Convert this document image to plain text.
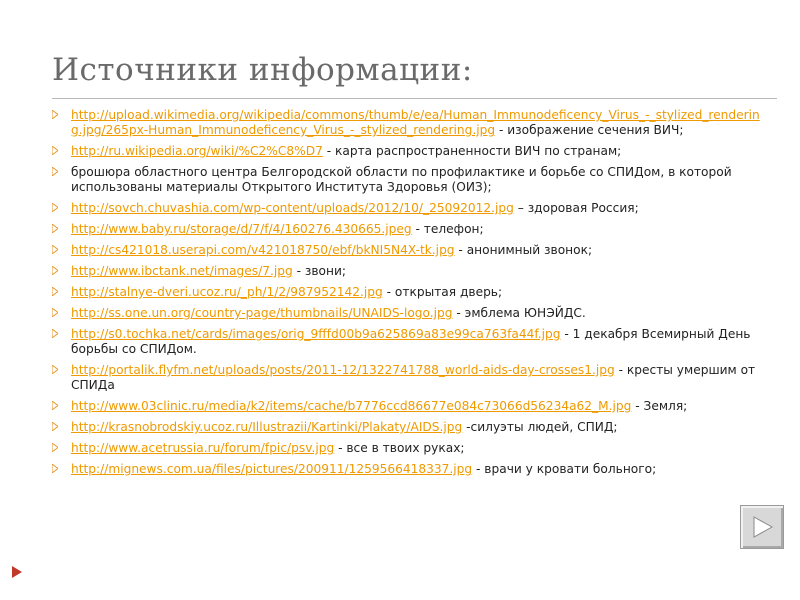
Источники информации:
http://upload.wikimedia.org/wikipedia/commons/thumb/e/ea/Human_Immunodeficency_Virus_-_stylized_rendering.jpg/265px-Human_Immunodeficency_Virus_-_stylized_rendering.jpg - изображение сечения ВИЧ;
http://ru.wikipedia.org/wiki/%C2%C8%D7 - карта распространенности ВИЧ по странам;
брошюра областного центра Белгородской области по профилактике и борьбе со СПИДом, в которой использованы материалы Открытого Института Здоровья (ОИЗ);
http://sovch.chuvashia.com/wp-content/uploads/2012/10/_25092012.jpg – здоровая Россия;
http://www.baby.ru/storage/d/7/f/4/160276.430665.jpeg - телефон;
http://cs421018.userapi.com/v421018750/ebf/bkNI5N4X-tk.jpg - анонимный звонок;
http://www.ibctank.net/images/7.jpg - звони;
http://stalnye-dveri.ucoz.ru/_ph/1/2/987952142.jpg - открытая дверь;
http://ss.one.un.org/country-page/thumbnails/UNAIDS-logo.jpg - эмблема ЮНЭЙДС.
http://s0.tochka.net/cards/images/orig_9fffd00b9a625869a83e99ca763fa44f.jpg - 1 декабря Всемирный День борьбы со СПИДом.
http://portalik.flyfm.net/uploads/posts/2011-12/1322741788_world-aids-day-crosses1.jpg - кресты умершим от СПИДа
http://www.03clinic.ru/media/k2/items/cache/b7776ccd86677e084c73066d56234a62_M.jpg - Земля;
http://krasnobrodskiy.ucoz.ru/Illustrazii/Kartinki/Plakaty/AIDS.jpg -силуэты людей, СПИД;
http://www.acetrussia.ru/forum/fpic/psv.jpg - все в твоих руках;
http://mignews.com.ua/files/pictures/200911/1259566418337.jpg - врачи у кровати больного;
